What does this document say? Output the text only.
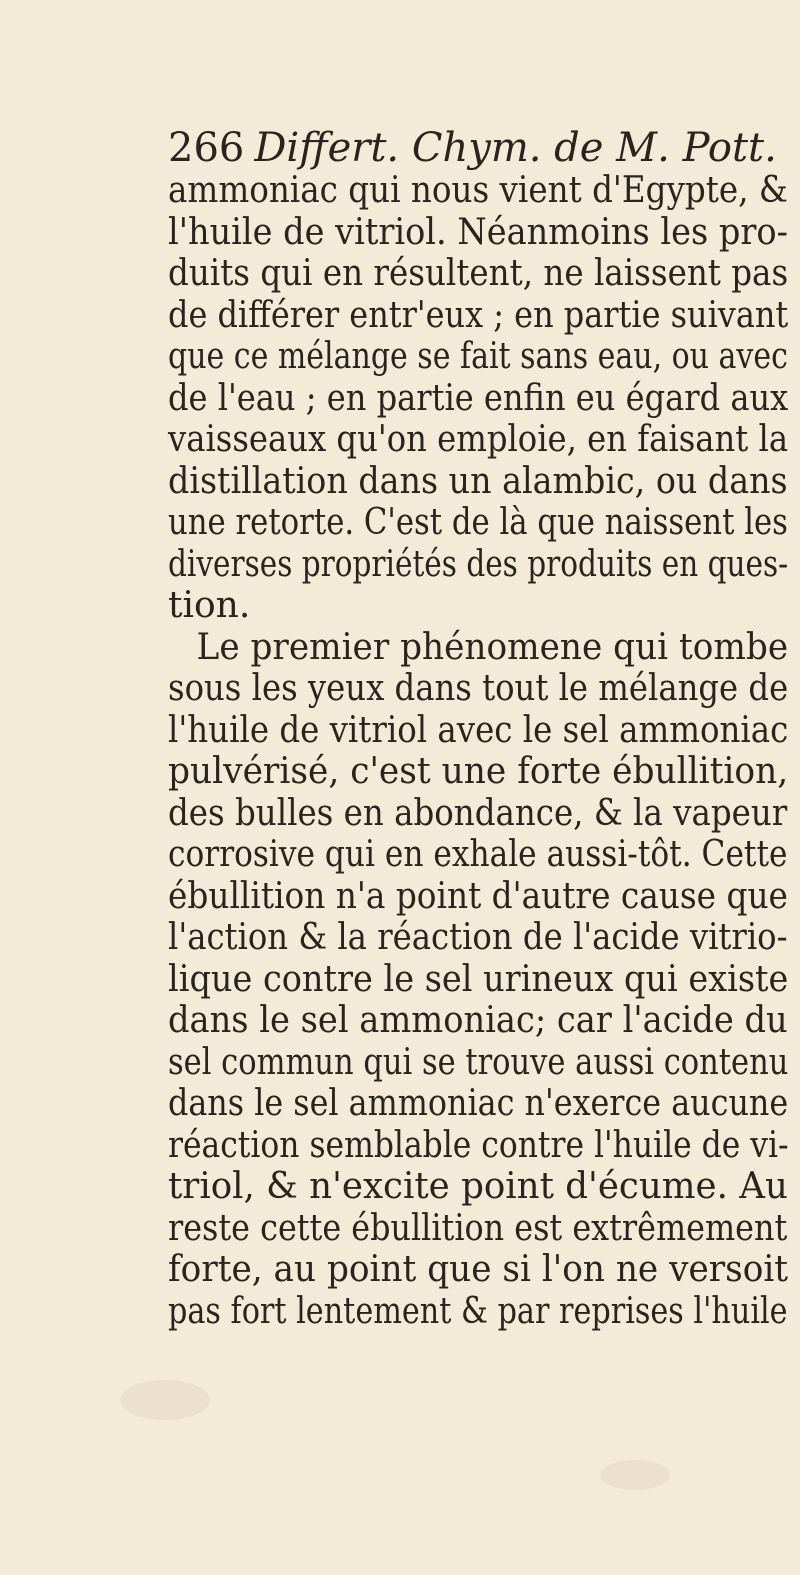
266 Differt. Chym. de M. Pott.
ammoniac qui nous vient d'Egypte, &
l'huile de vitriol. Néanmoins les pro-
duits qui en résultent, ne laissent pas
de différer entr'eux ; en partie suivant
que ce mélange se fait sans eau, ou avec
de l'eau ; en partie enfin eu égard aux
vaisseaux qu'on emploie, en faisant la
distillation dans un alambic, ou dans
une retorte. C'est de là que naissent les
diverses propriétés des produits en ques-
tion.
Le premier phénomene qui tombe
sous les yeux dans tout le mélange de
l'huile de vitriol avec le sel ammoniac
pulvérisé, c'est une forte ébullition,
des bulles en abondance, & la vapeur
corrosive qui en exhale aussi-tôt. Cette
ébullition n'a point d'autre cause que
l'action & la réaction de l'acide vitrio-
lique contre le sel urineux qui existe
dans le sel ammoniac; car l'acide du
sel commun qui se trouve aussi contenu
dans le sel ammoniac n'exerce aucune
réaction semblable contre l'huile de vi-
triol, & n'excite point d'écume. Au
reste cette ébullition est extrêmement
forte, au point que si l'on ne versoit
pas fort lentement & par reprises l'huile
